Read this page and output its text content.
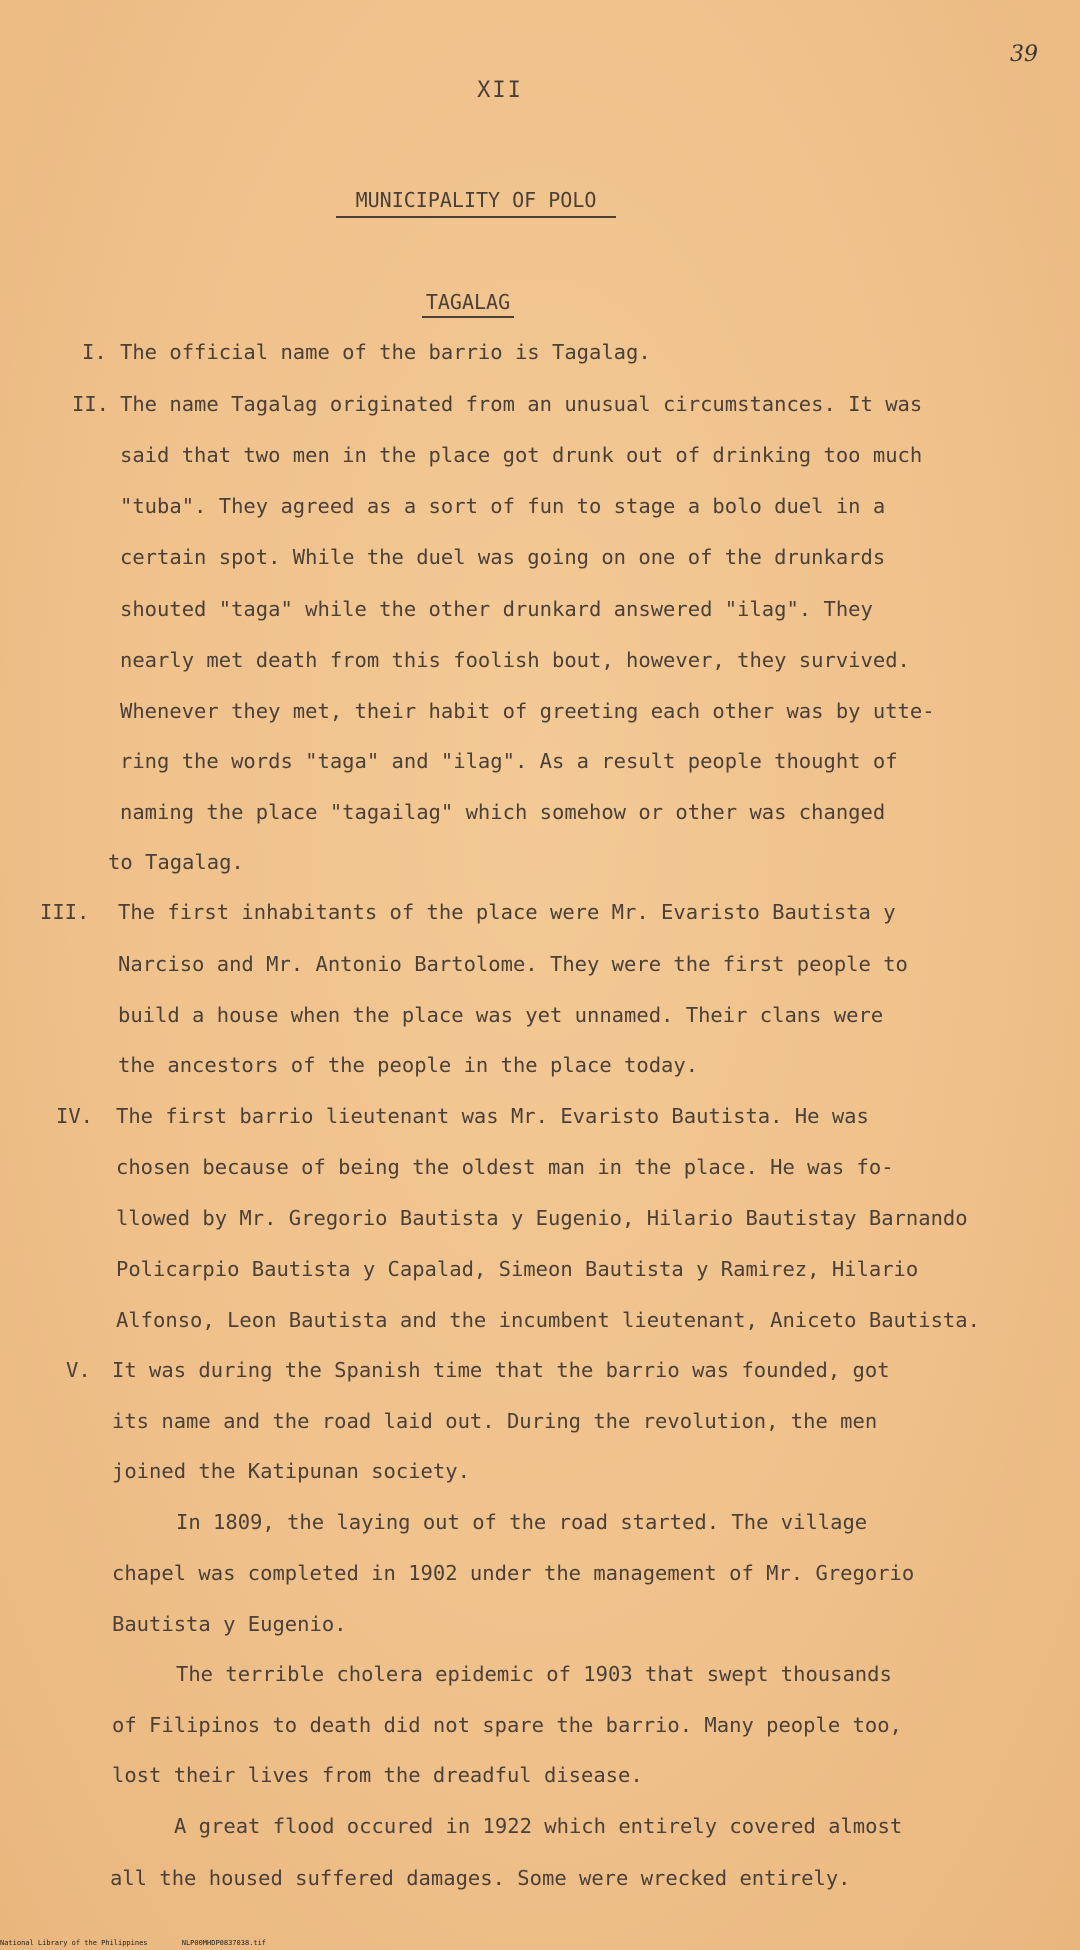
39
XII
MUNICIPALITY OF POLO
TAGALAG
I. The official name of the barrio is Tagalag.
II. The name Tagalag originated from an unusual circumstances. It was
said that two men in the place got drunk out of drinking too much
"tuba". They agreed as a sort of fun to stage a bolo duel in a
certain spot. While the duel was going on one of the drunkards
shouted "taga" while the other drunkard answered "ilag". They
nearly met death from this foolish bout, however, they survived.
Whenever they met, their habit of greeting each other was by utte-
ring the words "taga" and "ilag". As a result people thought of
naming the place "tagailag" which somehow or other was changed
to Tagalag.
III. The first inhabitants of the place were Mr. Evaristo Bautista y
Narciso and Mr. Antonio Bartolome. They were the first people to
build a house when the place was yet unnamed. Their clans were
the ancestors of the people in the place today.
IV. The first barrio lieutenant was Mr. Evaristo Bautista. He was
chosen because of being the oldest man in the place. He was fo-
llowed by Mr. Gregorio Bautista y Eugenio, Hilario Bautistay Barnando
Policarpio Bautista y Capalad, Simeon Bautista y Ramirez, Hilario
Alfonso, Leon Bautista and the incumbent lieutenant, Aniceto Bautista.
V. It was during the Spanish time that the barrio was founded, got
its name and the road laid out. During the revolution, the men
joined the Katipunan society.
In 1809, the laying out of the road started. The village
chapel was completed in 1902 under the management of Mr. Gregorio
Bautista y Eugenio.
The terrible cholera epidemic of 1903 that swept thousands
of Filipinos to death did not spare the barrio. Many people too,
lost their lives from the dreadful disease.
A great flood occured in 1922 which entirely covered almost
all the housed suffered damages. Some were wrecked entirely.
National Library of the Philippines	NLP00MHDP0837038.tif
